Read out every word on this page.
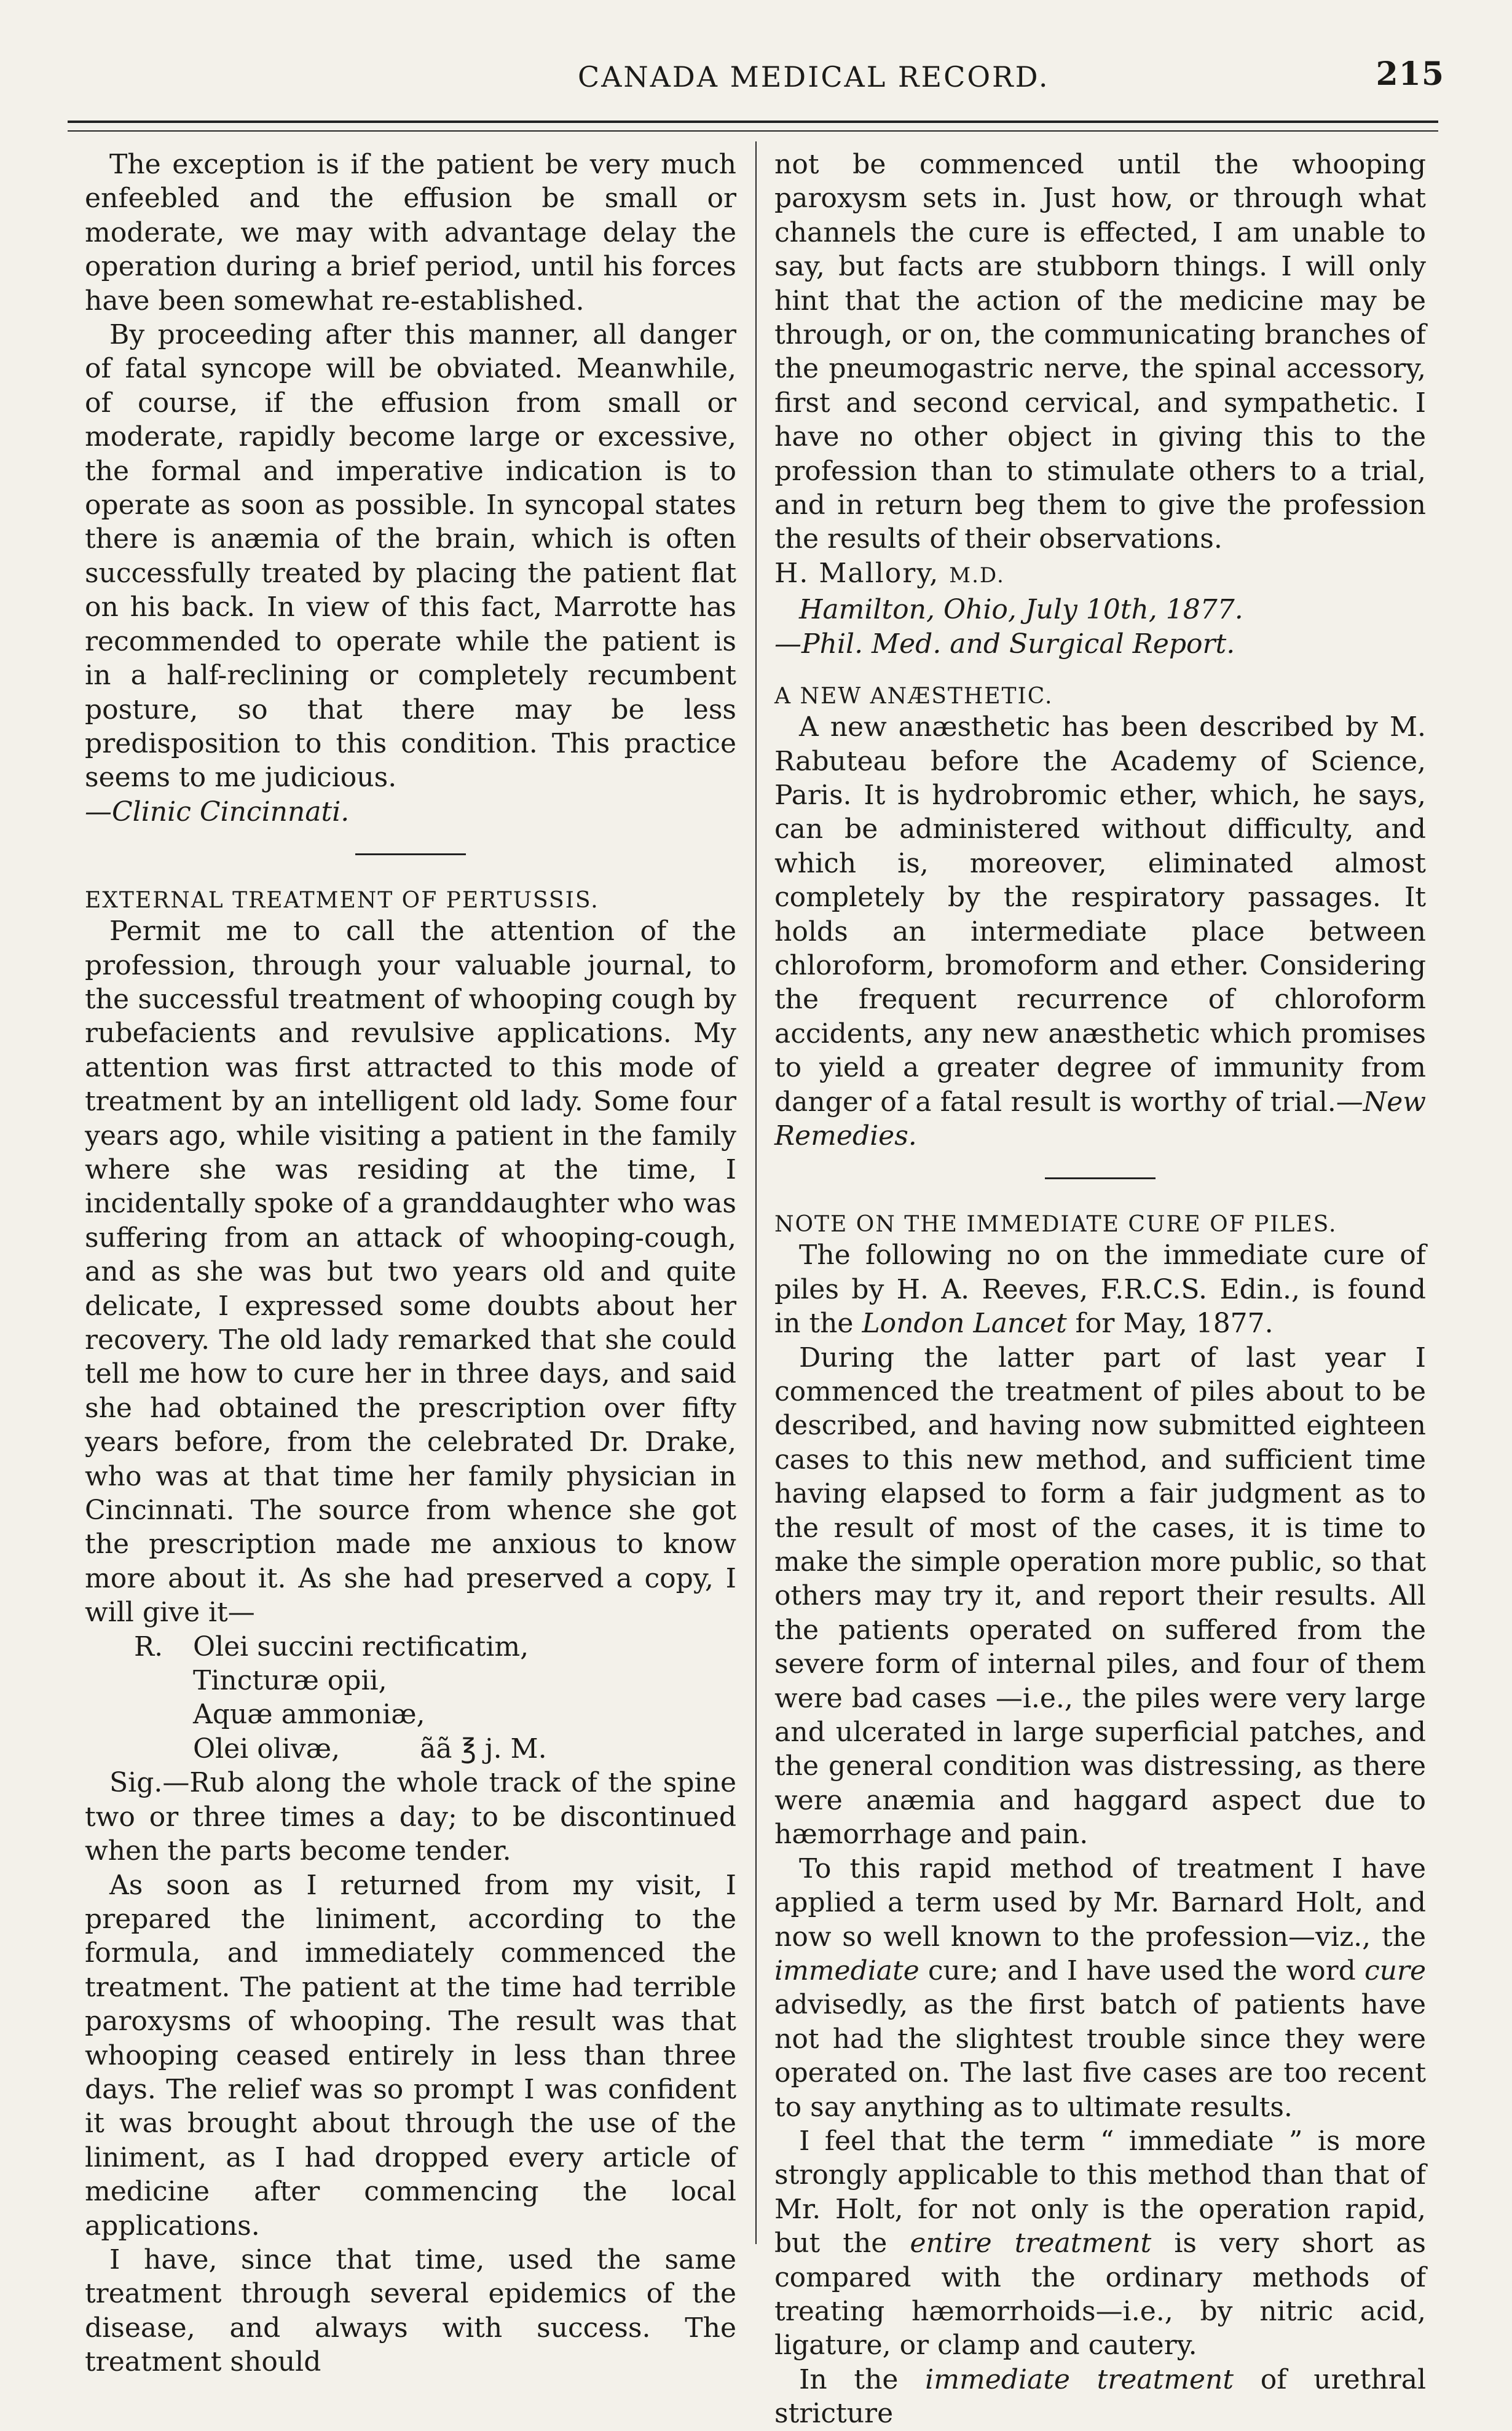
CANADA MEDICAL RECORD.	215

The exception is if the patient be very much enfeebled and the effusion be small or moderate, we may with advantage delay the operation during a brief period, until his forces have been somewhat re-established.

By proceeding after this manner, all danger of fatal syncope will be obviated. Meanwhile, of course, if the effusion from small or moderate, rapidly become large or excessive, the formal and imperative indication is to operate as soon as possible. In syncopal states there is anæmia of the brain, which is often successfully treated by placing the patient flat on his back. In view of this fact, Marrotte has recommended to operate while the patient is in a half-reclining or completely recumbent posture, so that there may be less predisposition to this condition. This practice seems to me judicious.

—Clinic Cincinnati.

EXTERNAL TREATMENT OF PERTUSSIS.

Permit me to call the attention of the profession, through your valuable journal, to the successful treatment of whooping cough by rubefacients and revulsive applications. My attention was first attracted to this mode of treatment by an intelligent old lady. Some four years ago, while visiting a patient in the family where she was residing at the time, I incidentally spoke of a granddaughter who was suffering from an attack of whooping-cough, and as she was but two years old and quite delicate, I expressed some doubts about her recovery. The old lady remarked that she could tell me how to cure her in three days, and said she had obtained the prescription over fifty years before, from the celebrated Dr. Drake, who was at that time her family physician in Cincinnati. The source from whence she got the prescription made me anxious to know more about it. As she had preserved a copy, I will give it—

R. Olei succini rectificatim,
Tincturæ opii,
Aquæ ammoniæ,
Olei olivæ,	ãã ℥ j. M.

Sig.—Rub along the whole track of the spine two or three times a day; to be discontinued when the parts become tender.

As soon as I returned from my visit, I prepared the liniment, according to the formula, and immediately commenced the treatment. The patient at the time had terrible paroxysms of whooping. The result was that whooping ceased entirely in less than three days. The relief was so prompt I was confident it was brought about through the use of the liniment, as I had dropped every article of medicine after commencing the local applications.

I have, since that time, used the same treatment through several epidemics of the disease, and always with success. The treatment should

not be commenced until the whooping paroxysm sets in. Just how, or through what channels the cure is effected, I am unable to say, but facts are stubborn things. I will only hint that the action of the medicine may be through, or on, the communicating branches of the pneumogastric nerve, the spinal accessory, first and second cervical, and sympathetic. I have no other object in giving this to the profession than to stimulate others to a trial, and in return beg them to give the profession the results of their observations.

H. Mallory, M.D.

Hamilton, Ohio, July 10th, 1877.

—Phil. Med. and Surgical Report.

A NEW ANÆSTHETIC.

A new anæsthetic has been described by M. Rabuteau before the Academy of Science, Paris. It is hydrobromic ether, which, he says, can be administered without difficulty, and which is, moreover, eliminated almost completely by the respiratory passages. It holds an intermediate place between chloroform, bromoform and ether. Considering the frequent recurrence of chloroform accidents, any new anæsthetic which promises to yield a greater degree of immunity from danger of a fatal result is worthy of trial.—New Remedies.

NOTE ON THE IMMEDIATE CURE OF PILES.

The following no on the immediate cure of piles by H. A. Reeves, F.R.C.S. Edin., is found in the London Lancet for May, 1877.

During the latter part of last year I commenced the treatment of piles about to be described, and having now submitted eighteen cases to this new method, and sufficient time having elapsed to form a fair judgment as to the result of most of the cases, it is time to make the simple operation more public, so that others may try it, and report their results. All the patients operated on suffered from the severe form of internal piles, and four of them were bad cases —i.e., the piles were very large and ulcerated in large superficial patches, and the general condition was distressing, as there were anæmia and haggard aspect due to hæmorrhage and pain.

To this rapid method of treatment I have applied a term used by Mr. Barnard Holt, and now so well known to the profession—viz., the immediate cure; and I have used the word cure advisedly, as the first batch of patients have not had the slightest trouble since they were operated on. The last five cases are too recent to say anything as to ultimate results.

I feel that the term “ immediate ” is more strongly applicable to this method than that of Mr. Holt, for not only is the operation rapid, but the entire treatment is very short as compared with the ordinary methods of treating hæmorrhoids—i.e., by nitric acid, ligature, or clamp and cautery.

In the immediate treatment of urethral stricture
